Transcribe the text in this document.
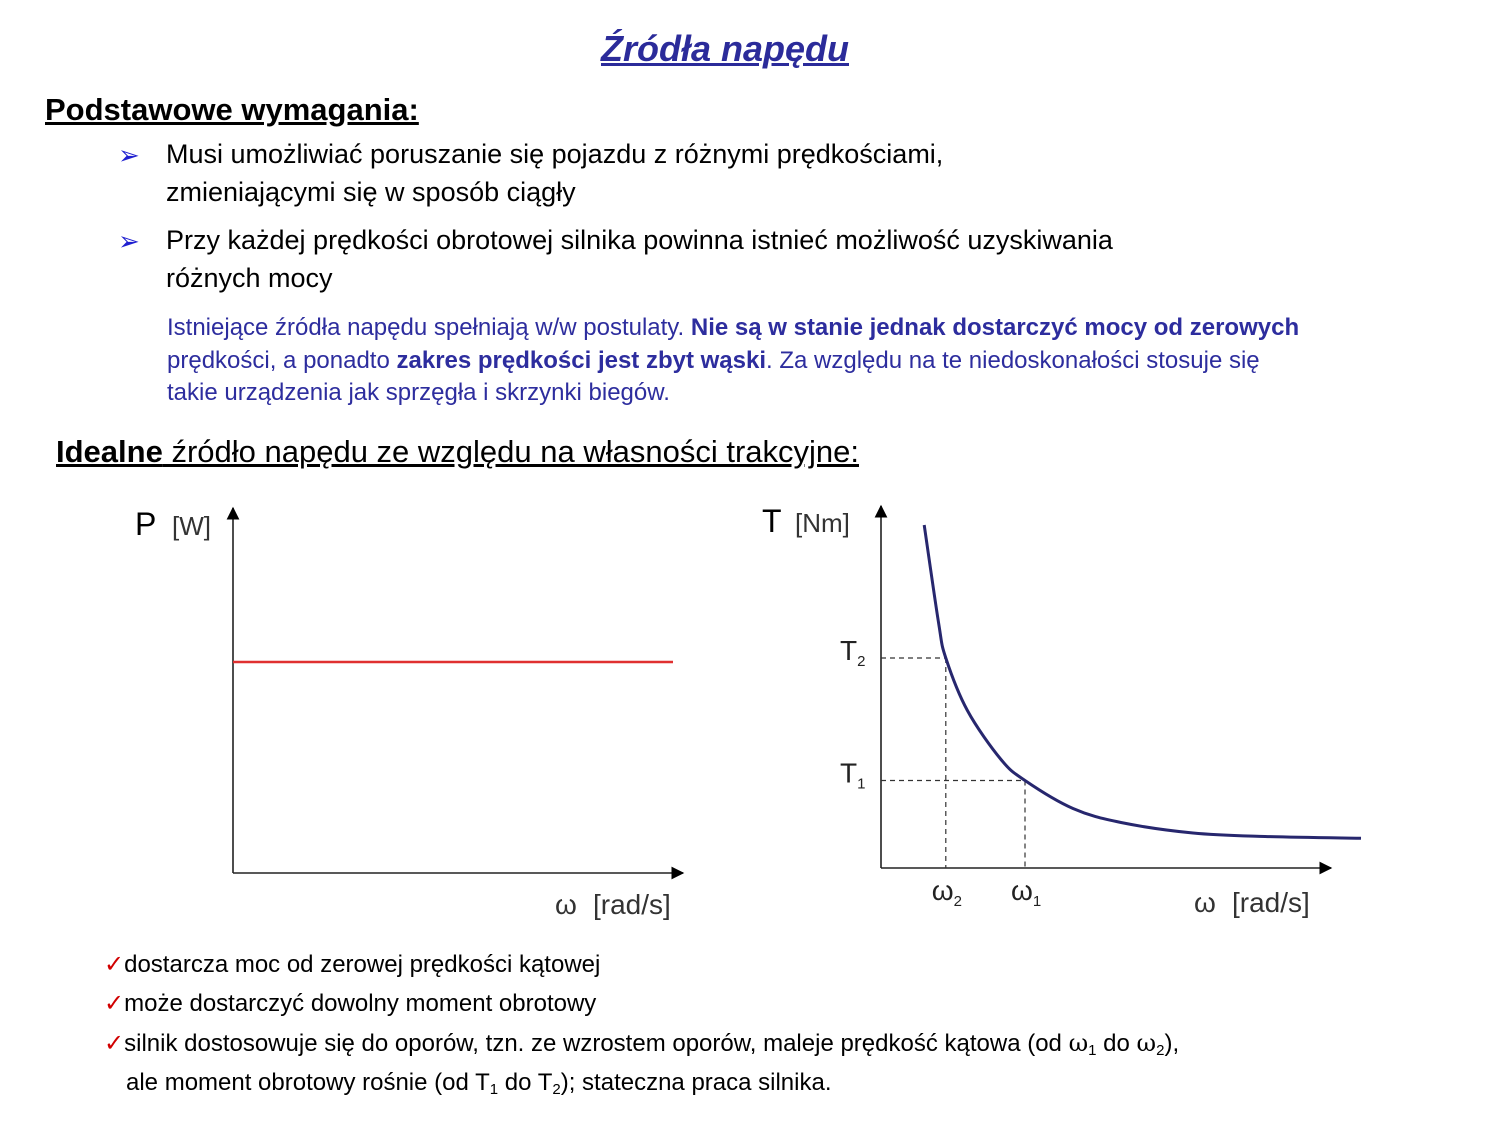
Źródła napędu
Podstawowe wymagania:
➢ Musi umożliwiać poruszanie się pojazdu z różnymi prędkościami,
zmieniającymi się w sposób ciągły
➢ Przy każdej prędkości obrotowej silnika powinna istnieć możliwość uzyskiwania
różnych mocy
Istniejące źródła napędu spełniają w/w postulaty. Nie są w stanie jednak dostarczyć mocy od zerowych
prędkości, a ponadto zakres prędkości jest zbyt wąski. Za względu na te niedoskonałości stosuje się
takie urządzenia jak sprzęgła i skrzynki biegów.
Idealne źródło napędu ze względu na własności trakcyjne:
P [W]
ω [rad/s]
T [Nm]
ω [rad/s]
$T_2$
$T_1$
$\omega_2$ $\omega_1$
✓dostarcza moc od zerowej prędkości kątowej
✓może dostarczyć dowolny moment obrotowy
✓silnik dostosowuje się do oporów, tzn. ze wzrostem oporów, maleje prędkość kątowa (od $\omega_1$ do $\omega_2$),
ale moment obrotowy rośnie (od $T_1$ do $T_2$); stateczna praca silnika.
